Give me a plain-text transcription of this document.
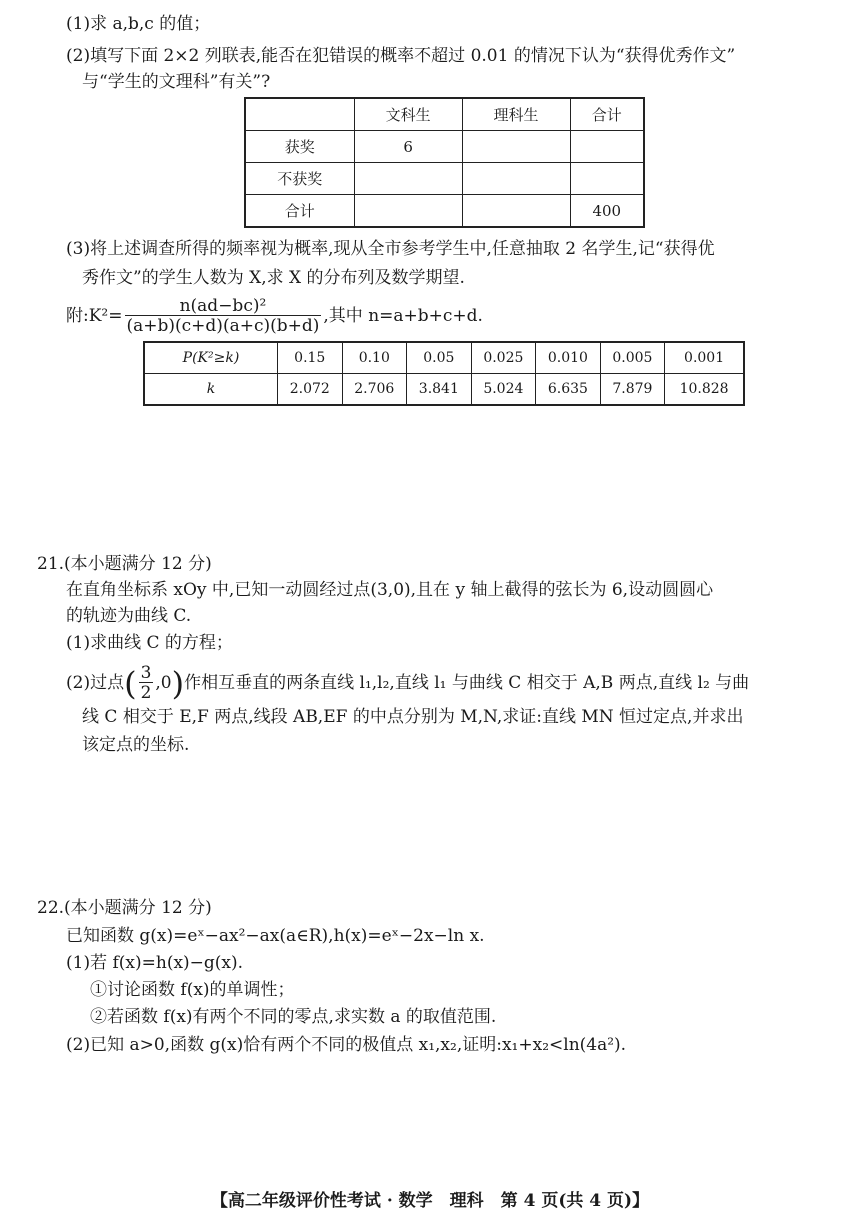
(1)求 a,b,c 的值；
(2)填写下面 2×2 列联表,能否在犯错误的概率不超过 0.01 的情况下认为“获得优秀作文”
与“学生的文理科”有关”?
	文科生	理科生	合计
获奖	6		
不获奖			
合计			400
(3)将上述调查所得的频率视为概率,现从全市参考学生中,任意抽取 2 名学生,记“获得优
秀作文”的学生人数为 X,求 X 的分布列及数学期望.
附:K²= $\frac{\text{n(ad−bc)²}}{(a+b)(c+d)(a+c)(b+d)}$ ,其中 n=a+b+c+d.
P(K²≥k)	0.15	0.10	0.05	0.025	0.010	0.005	0.001
k	2.072	2.706	3.841	5.024	6.635	7.879	10.828
21.(本小题满分 12 分)
在直角坐标系 xOy 中,已知一动圆经过点(3,0),且在 y 轴上截得的弦长为 6,设动圆圆心
的轨迹为曲线 C.
(1)求曲线 C 的方程；
(2)过点( $\frac{3}{2} ,0$)作相互垂直的两条直线 l₁,l₂,直线 l₁ 与曲线 C 相交于 A,B 两点,直线 l₂ 与曲
线 C 相交于 E,F 两点,线段 AB,EF 的中点分别为 M,N,求证:直线 MN 恒过定点,并求出
该定点的坐标.
22.(本小题满分 12 分)
已知函数 g(x)=eˣ−ax²−ax(a∈R),h(x)=eˣ−2x−ln x.
(1)若 f(x)=h(x)−g(x).
①讨论函数 f(x)的单调性；
②若函数 f(x)有两个不同的零点,求实数 a 的取值范围.
(2)已知 a>0,函数 g(x)恰有两个不同的极值点 x₁,x₂,证明:x₁+x₂<ln(4a²).
【高二年级评价性考试 · 数学　理科　第 4 页(共 4 页)】
